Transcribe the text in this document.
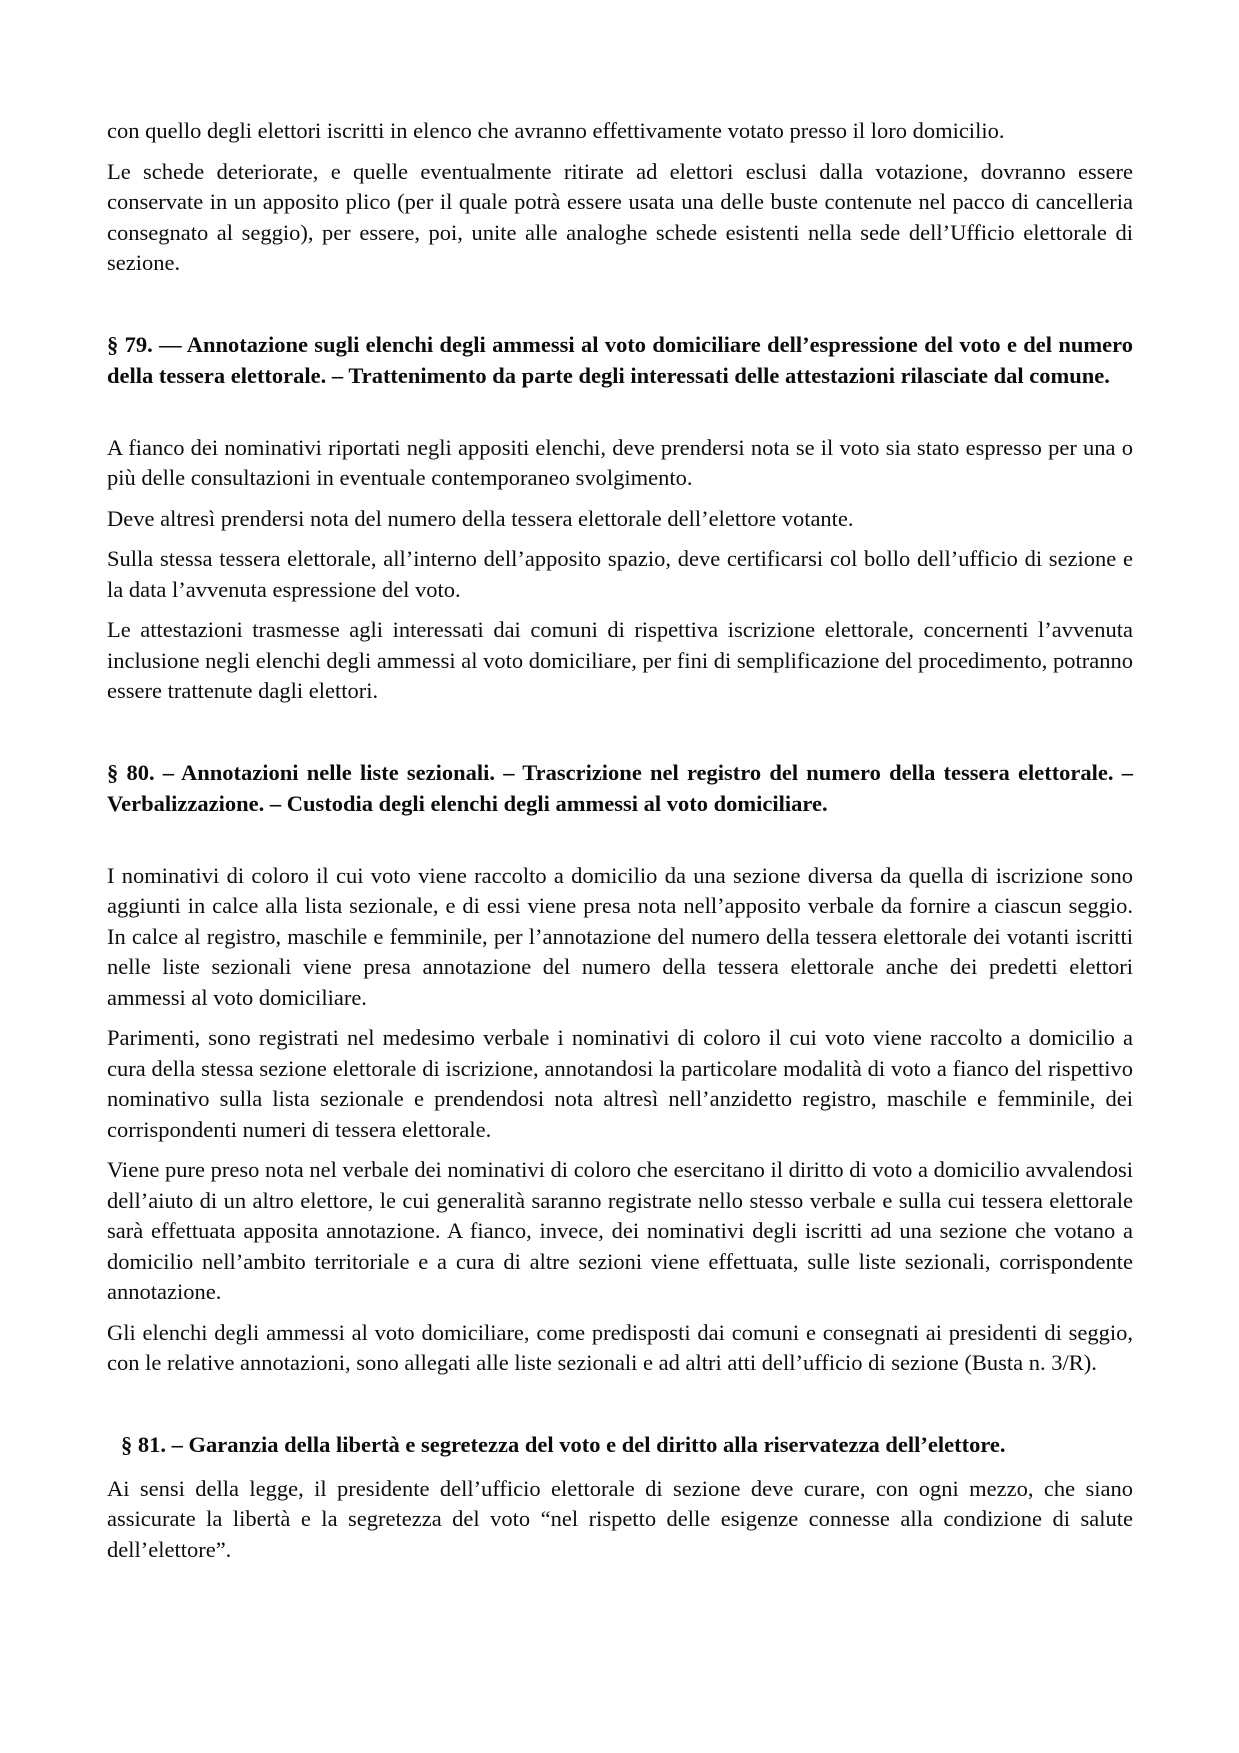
con quello degli elettori iscritti in elenco che avranno effettivamente votato presso il loro domicilio.

Le schede deteriorate, e quelle eventualmente ritirate ad elettori esclusi dalla votazione, dovranno essere conservate in un apposito plico (per il quale potrà essere usata una delle buste contenute nel pacco di cancelleria consegnato al seggio), per essere, poi, unite alle analoghe schede esistenti nella sede dell’Ufficio elettorale di sezione.

§ 79. — Annotazione sugli elenchi degli ammessi al voto domiciliare dell’espressione del voto e del numero della tessera elettorale. – Trattenimento da parte degli interessati delle attestazioni rilasciate dal comune.

A fianco dei nominativi riportati negli appositi elenchi, deve prendersi nota se il voto sia stato espresso per una o più delle consultazioni in eventuale contemporaneo svolgimento.

Deve altresì prendersi nota del numero della tessera elettorale dell’elettore votante.

Sulla stessa tessera elettorale, all’interno dell’apposito spazio, deve certificarsi col bollo dell’ufficio di sezione e la data l’avvenuta espressione del voto.

Le attestazioni trasmesse agli interessati dai comuni di rispettiva iscrizione elettorale, concernenti l’avvenuta inclusione negli elenchi degli ammessi al voto domiciliare, per fini di semplificazione del procedimento, potranno essere trattenute dagli elettori.

§ 80. – Annotazioni nelle liste sezionali. – Trascrizione nel registro del numero della tessera elettorale. – Verbalizzazione. – Custodia degli elenchi degli ammessi al voto domiciliare.

I nominativi di coloro il cui voto viene raccolto a domicilio da una sezione diversa da quella di iscrizione sono aggiunti in calce alla lista sezionale, e di essi viene presa nota nell’apposito verbale da fornire a ciascun seggio. In calce al registro, maschile e femminile, per l’annotazione del numero della tessera elettorale dei votanti iscritti nelle liste sezionali viene presa annotazione del numero della tessera elettorale anche dei predetti elettori ammessi al voto domiciliare.

Parimenti, sono registrati nel medesimo verbale i nominativi di coloro il cui voto viene raccolto a domicilio a cura della stessa sezione elettorale di iscrizione, annotandosi la particolare modalità di voto a fianco del rispettivo nominativo sulla lista sezionale e prendendosi nota altresì nell’anzidetto registro, maschile e femminile, dei corrispondenti numeri di tessera elettorale.

Viene pure preso nota nel verbale dei nominativi di coloro che esercitano il diritto di voto a domicilio avvalendosi dell’aiuto di un altro elettore, le cui generalità saranno registrate nello stesso verbale e sulla cui tessera elettorale sarà effettuata apposita annotazione. A fianco, invece, dei nominativi degli iscritti ad una sezione che votano a domicilio nell’ambito territoriale e a cura di altre sezioni viene effettuata, sulle liste sezionali, corrispondente annotazione.

Gli elenchi degli ammessi al voto domiciliare, come predisposti dai comuni e consegnati ai presidenti di seggio, con le relative annotazioni, sono allegati alle liste sezionali e ad altri atti dell’ufficio di sezione (Busta n. 3/R).

§ 81. – Garanzia della libertà e segretezza del voto e del diritto alla riservatezza dell’elettore.

Ai sensi della legge, il presidente dell’ufficio elettorale di sezione deve curare, con ogni mezzo, che siano assicurate la libertà e la segretezza del voto “nel rispetto delle esigenze connesse alla condizione di salute dell’elettore”.
